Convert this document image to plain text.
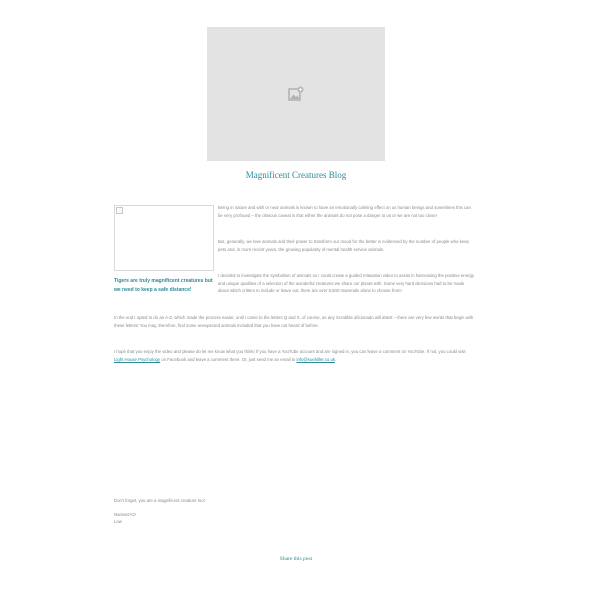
Magnificent Creatures Blog
Tigers are truly magnificent creatures but we need to keep a safe distance!

Being in nature and with or near animals is known to have an emotionally calming effect on us human beings and sometimes this can be very profound – the obvious caveat is that either the animals do not pose a danger to us or we are not too close!

But, generally, we love animals and their power to transform our mood for the better is evidenced by the number of people who keep pets and, in more recent years, the growing popularity of mental health service animals.

I decided to investigate the symbolism of animals so I could create a guided relaxation video to assist in harnessing the positive energy and unique qualities of a selection of the wonderful creatures we share our planet with. Some very hard decisions had to be made about which critters to include or leave out, there are over 6,500 mammals alone to choose from!

In the end I opted to do an A-Z, which made the process easier, until I came to the letters Q and X, of course, as any Scrabble aficionado will attest – there are very few words that begin with these letters! You may, therefore, find some unexpected animals included that you have not heard of before.

I hope that you enjoy the video and please do let me know what you think! If you have a YouTube account and are signed in, you can leave a comment on YouTube. If not, you could visit Light House Psychology on Facebook and leave a comment there. Or, just send me an email to info@suehiller.co.uk.

Don't forget, you are a magnificent creature too!
Namast'AO
Low
Share this post
